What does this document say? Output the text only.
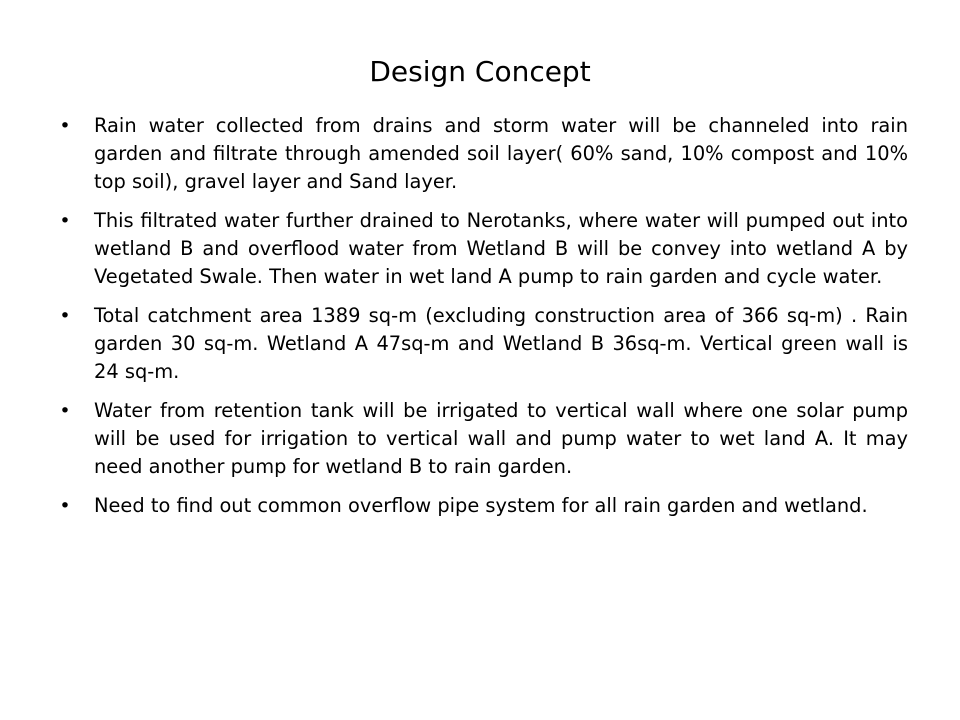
Design Concept
• Rain water collected from drains and storm water will be channeled into rain garden and filtrate through amended soil layer( 60% sand, 10% compost and 10% top soil), gravel layer and Sand layer.
• This filtrated water further drained to Nerotanks, where water will pumped out into wetland B and overflood water from Wetland B will be convey into wetland A by Vegetated Swale. Then water in wet land A pump to rain garden and cycle water.
• Total catchment area 1389 sq-m (excluding construction area of 366 sq-m) . Rain garden 30 sq-m. Wetland A 47sq-m and Wetland B 36sq-m. Vertical green wall is 24 sq-m.
• Water from retention tank will be irrigated to vertical wall where one solar pump will be used for irrigation to vertical wall and pump water to wet land A. It may need another pump for wetland B to rain garden.
• Need to find out common overflow pipe system for all rain garden and wetland.
